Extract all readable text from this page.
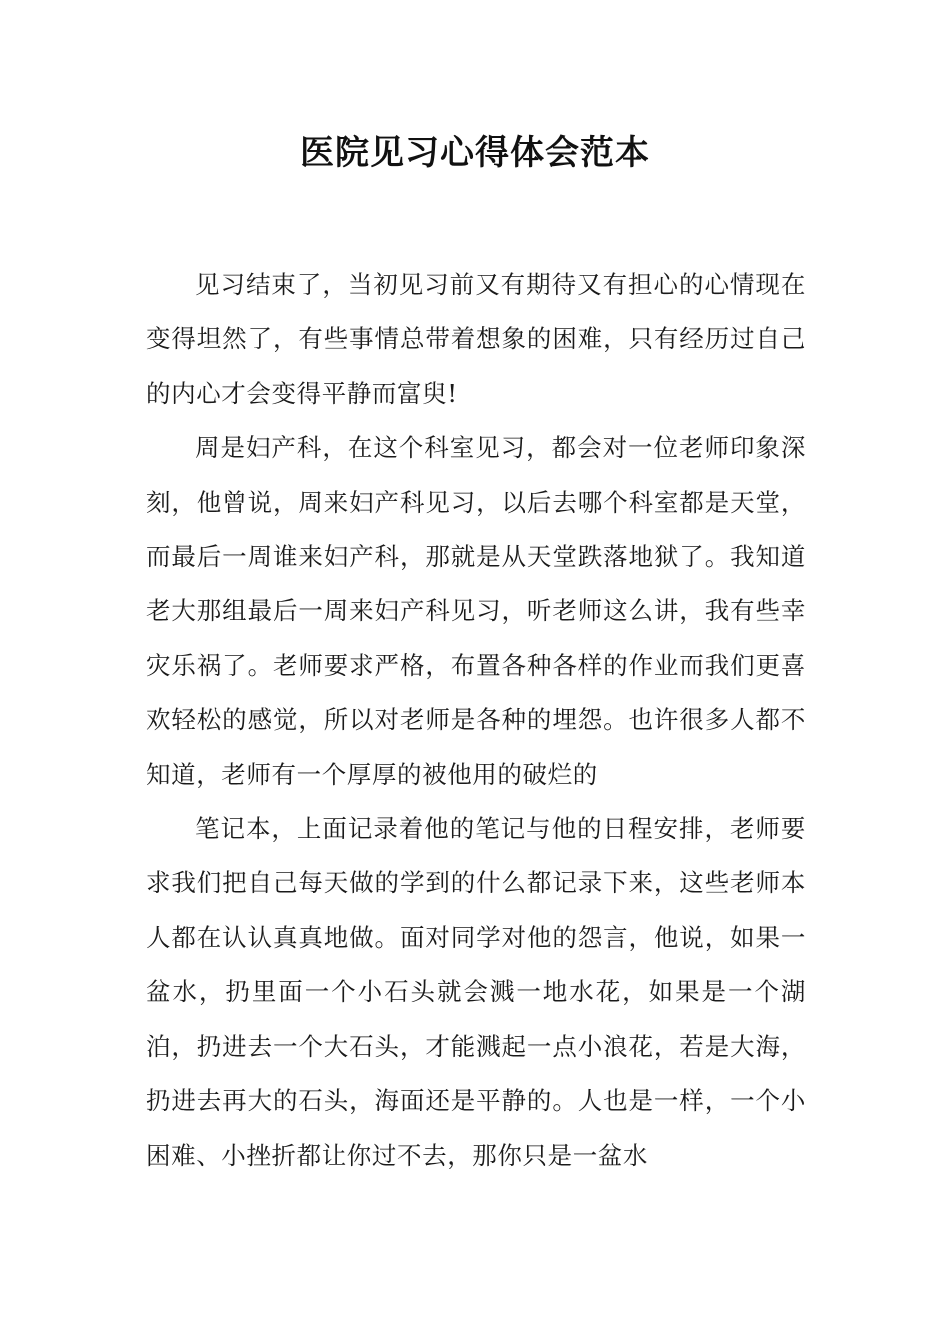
医院见习心得体会范本

见习结束了，当初见习前又有期待又有担心的心情现在变得坦然了，有些事情总带着想象的困难，只有经历过自己的内心才会变得平静而富臾!

周是妇产科，在这个科室见习，都会对一位老师印象深刻，他曾说，周来妇产科见习，以后去哪个科室都是天堂，而最后一周谁来妇产科，那就是从天堂跌落地狱了。我知道老大那组最后一周来妇产科见习，听老师这么讲，我有些幸灾乐祸了。老师要求严格，布置各种各样的作业而我们更喜欢轻松的感觉，所以对老师是各种的埋怨。也许很多人都不知道，老师有一个厚厚的被他用的破烂的

笔记本，上面记录着他的笔记与他的日程安排，老师要求我们把自己每天做的学到的什么都记录下来，这些老师本人都在认认真真地做。面对同学对他的怨言，他说，如果一盆水，扔里面一个小石头就会溅一地水花，如果是一个湖泊，扔进去一个大石头，才能溅起一点小浪花，若是大海，扔进去再大的石头，海面还是平静的。人也是一样，一个小困难、小挫折都让你过不去，那你只是一盆水
